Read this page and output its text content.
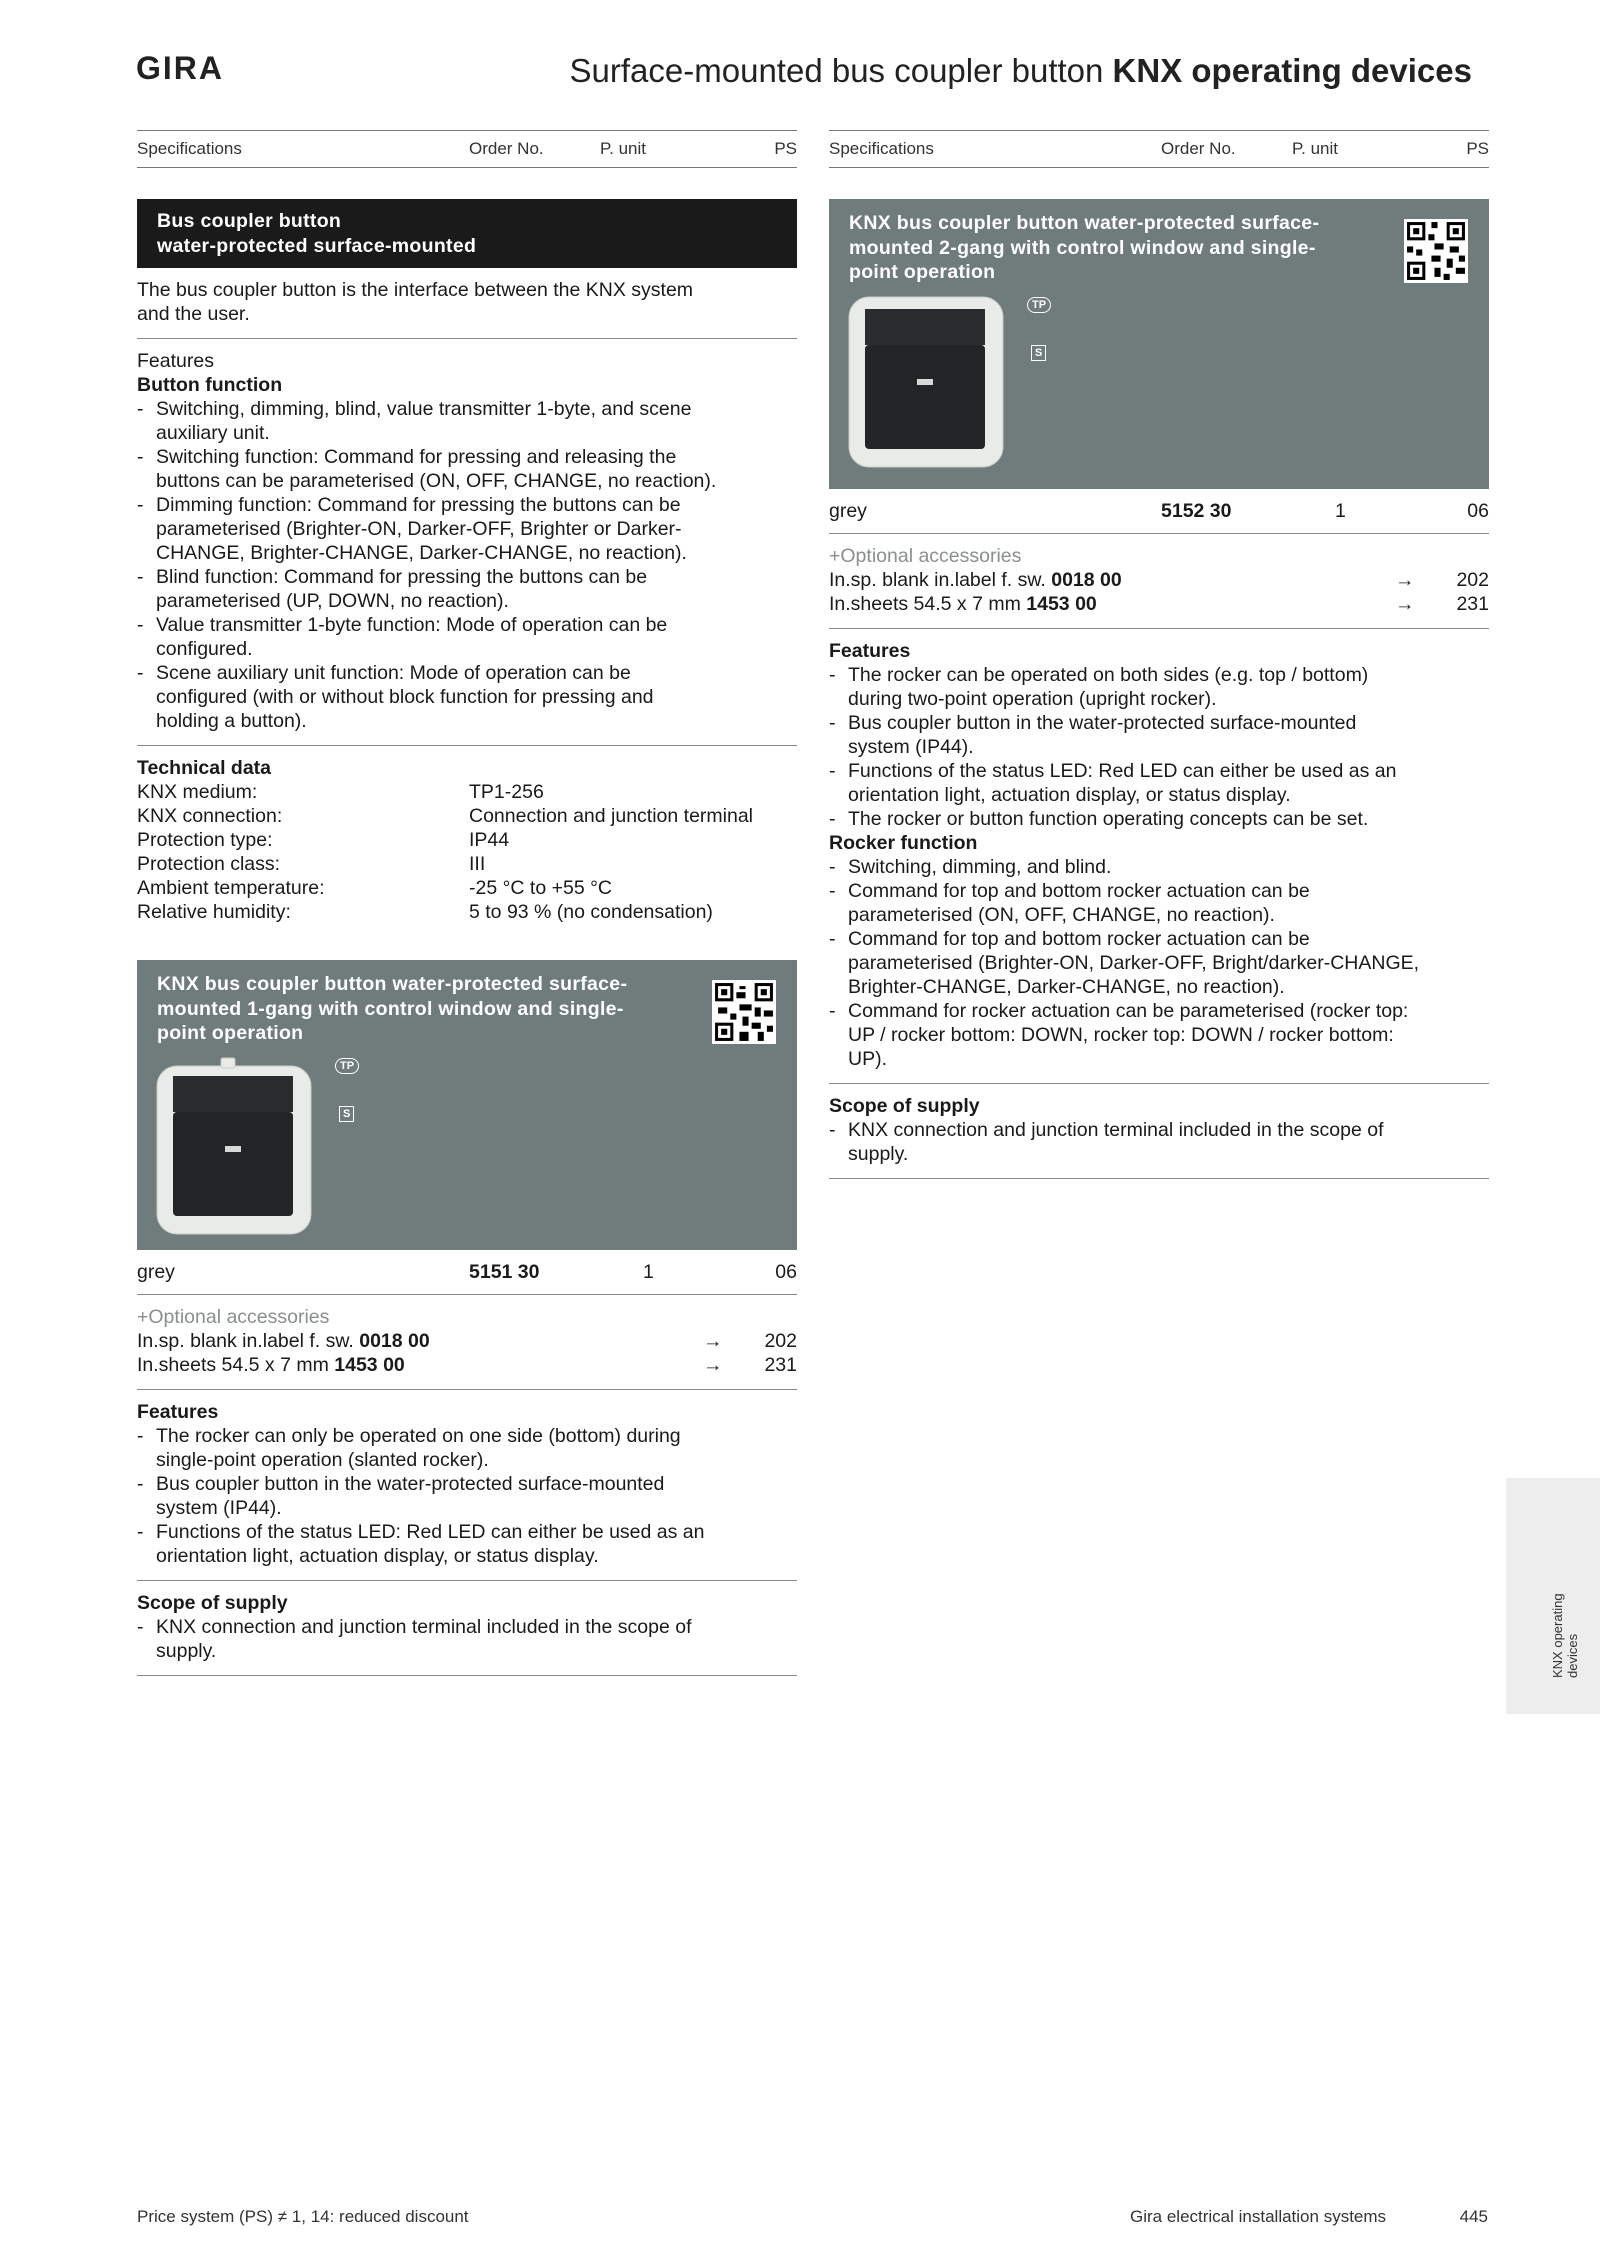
GIRA	Surface-mounted bus coupler button KNX operating devices
Specifications	Order No.	P. unit	PS
Bus coupler button
water-protected surface-mounted
The bus coupler button is the interface between the KNX system
and the user.
Features
Button function
- Switching, dimming, blind, value transmitter 1-byte, and scene
auxiliary unit.
- Switching function: Command for pressing and releasing the
buttons can be parameterised (ON, OFF, CHANGE, no reaction).
- Dimming function: Command for pressing the buttons can be
parameterised (Brighter-ON, Darker-OFF, Brighter or Darker-
CHANGE, Brighter-CHANGE, Darker-CHANGE, no reaction).
- Blind function: Command for pressing the buttons can be
parameterised (UP, DOWN, no reaction).
- Value transmitter 1-byte function: Mode of operation can be
configured.
- Scene auxiliary unit function: Mode of operation can be
configured (with or without block function for pressing and
holding a button).
Technical data
KNX medium:	TP1-256
KNX connection:	Connection and junction terminal
Protection type:	IP44
Protection class:	III
Ambient temperature:	-25 °C to +55 °C
Relative humidity:	5 to 93 % (no condensation)
KNX bus coupler button water-protected surface-
mounted 1-gang with control window and single-
point operation
TP
S
grey	5151 30	1	06
+Optional accessories
In.sp. blank in.label f. sw. 0018 00	→ 202
In.sheets 54.5 x 7 mm 1453 00	→ 231
Features
- The rocker can only be operated on one side (bottom) during
single-point operation (slanted rocker).
- Bus coupler button in the water-protected surface-mounted
system (IP44).
- Functions of the status LED: Red LED can either be used as an
orientation light, actuation display, or status display.
Scope of supply
- KNX connection and junction terminal included in the scope of
supply.
Specifications	Order No.	P. unit	PS
KNX bus coupler button water-protected surface-
mounted 2-gang with control window and single-
point operation
TP
S
grey	5152 30	1	06
+Optional accessories
In.sp. blank in.label f. sw. 0018 00	→ 202
In.sheets 54.5 x 7 mm 1453 00	→ 231
Features
- The rocker can be operated on both sides (e.g. top / bottom)
during two-point operation (upright rocker).
- Bus coupler button in the water-protected surface-mounted
system (IP44).
- Functions of the status LED: Red LED can either be used as an
orientation light, actuation display, or status display.
- The rocker or button function operating concepts can be set.
Rocker function
- Switching, dimming, and blind.
- Command for top and bottom rocker actuation can be
parameterised (ON, OFF, CHANGE, no reaction).
- Command for top and bottom rocker actuation can be
parameterised (Brighter-ON, Darker-OFF, Bright/darker-CHANGE,
Brighter-CHANGE, Darker-CHANGE, no reaction).
- Command for rocker actuation can be parameterised (rocker top:
UP / rocker bottom: DOWN, rocker top: DOWN / rocker bottom:
UP).
Scope of supply
- KNX connection and junction terminal included in the scope of
supply.
KNX operating devices
Price system (PS) ≠ 1, 14: reduced discount	Gira electrical installation systems	445
